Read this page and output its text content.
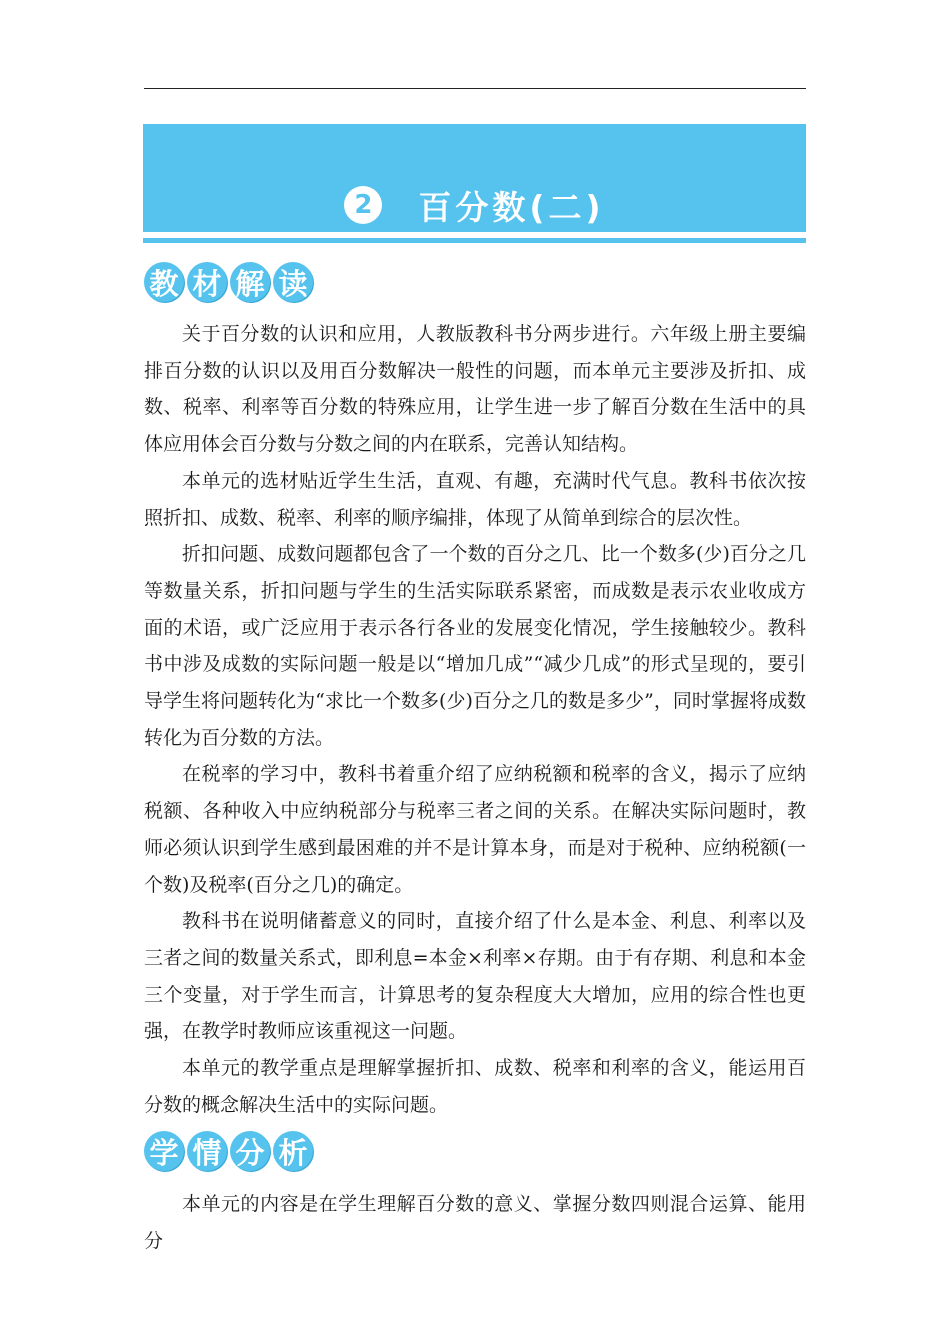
2	百分数(二)
教 材 解 读

关于百分数的认识和应用，人教版教科书分两步进行。六年级上册主要编排百分数的认识以及用百分数解决一般性的问题，而本单元主要涉及折扣、成数、税率、利率等百分数的特殊应用，让学生进一步了解百分数在生活中的具体应用体会百分数与分数之间的内在联系，完善认知结构。

本单元的选材贴近学生生活，直观、有趣，充满时代气息。教科书依次按照折扣、成数、税率、利率的顺序编排，体现了从简单到综合的层次性。

折扣问题、成数问题都包含了一个数的百分之几、比一个数多(少)百分之几等数量关系，折扣问题与学生的生活实际联系紧密，而成数是表示农业收成方面的术语，或广泛应用于表示各行各业的发展变化情况，学生接触较少。教科书中涉及成数的实际问题一般是以“增加几成”“减少几成”的形式呈现的，要引导学生将问题转化为“求比一个数多(少)百分之几的数是多少”，同时掌握将成数转化为百分数的方法。

在税率的学习中，教科书着重介绍了应纳税额和税率的含义，揭示了应纳税额、各种收入中应纳税部分与税率三者之间的关系。在解决实际问题时，教师必须认识到学生感到最困难的并不是计算本身，而是对于税种、应纳税额(一个数)及税率(百分之几)的确定。

教科书在说明储蓄意义的同时，直接介绍了什么是本金、利息、利率以及三者之间的数量关系式，即利息=本金×利率×存期。由于有存期、利息和本金三个变量，对于学生而言，计算思考的复杂程度大大增加，应用的综合性也更强，在教学时教师应该重视这一问题。

本单元的教学重点是理解掌握折扣、成数、税率和利率的含义，能运用百分数的概念解决生活中的实际问题。

学 情 分 析

本单元的内容是在学生理解百分数的意义、掌握分数四则混合运算、能用分
